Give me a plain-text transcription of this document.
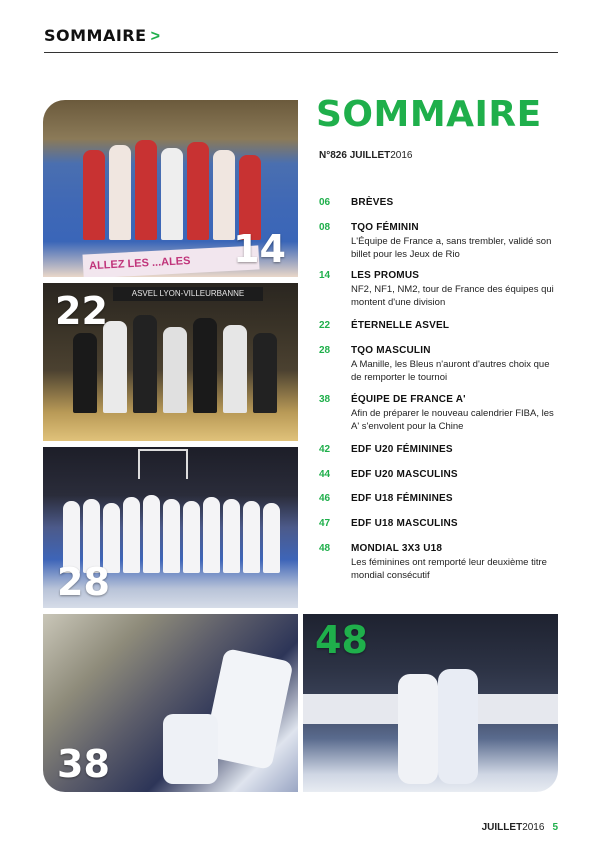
SOMMAIRE >
ALLEZ LES ...ALES	14
ASVEL LYON-VILLEURBANNE
22
28
38
48
SOMMAIRE
N°826 JUILLET2016
06 BRÈVES
08 TQO FÉMININ
L'Équipe de France a, sans trembler, validé son billet pour les Jeux de Rio
14 LES PROMUS
NF2, NF1, NM2, tour de France des équipes qui montent d'une division
22 ÉTERNELLE ASVEL
28 TQO MASCULIN
A Manille, les Bleus n'auront d'autres choix que de remporter le tournoi
38 ÉQUIPE DE FRANCE A'
Afin de préparer le nouveau calendrier FIBA, les A' s'envolent pour la Chine
42 EDF U20 FÉMININES
44 EDF U20 MASCULINS
46 EDF U18 FÉMININES
47 EDF U18 MASCULINS
48 MONDIAL 3X3 U18
Les féminines ont remporté leur deuxième titre mondial consécutif
JUILLET2016 5
